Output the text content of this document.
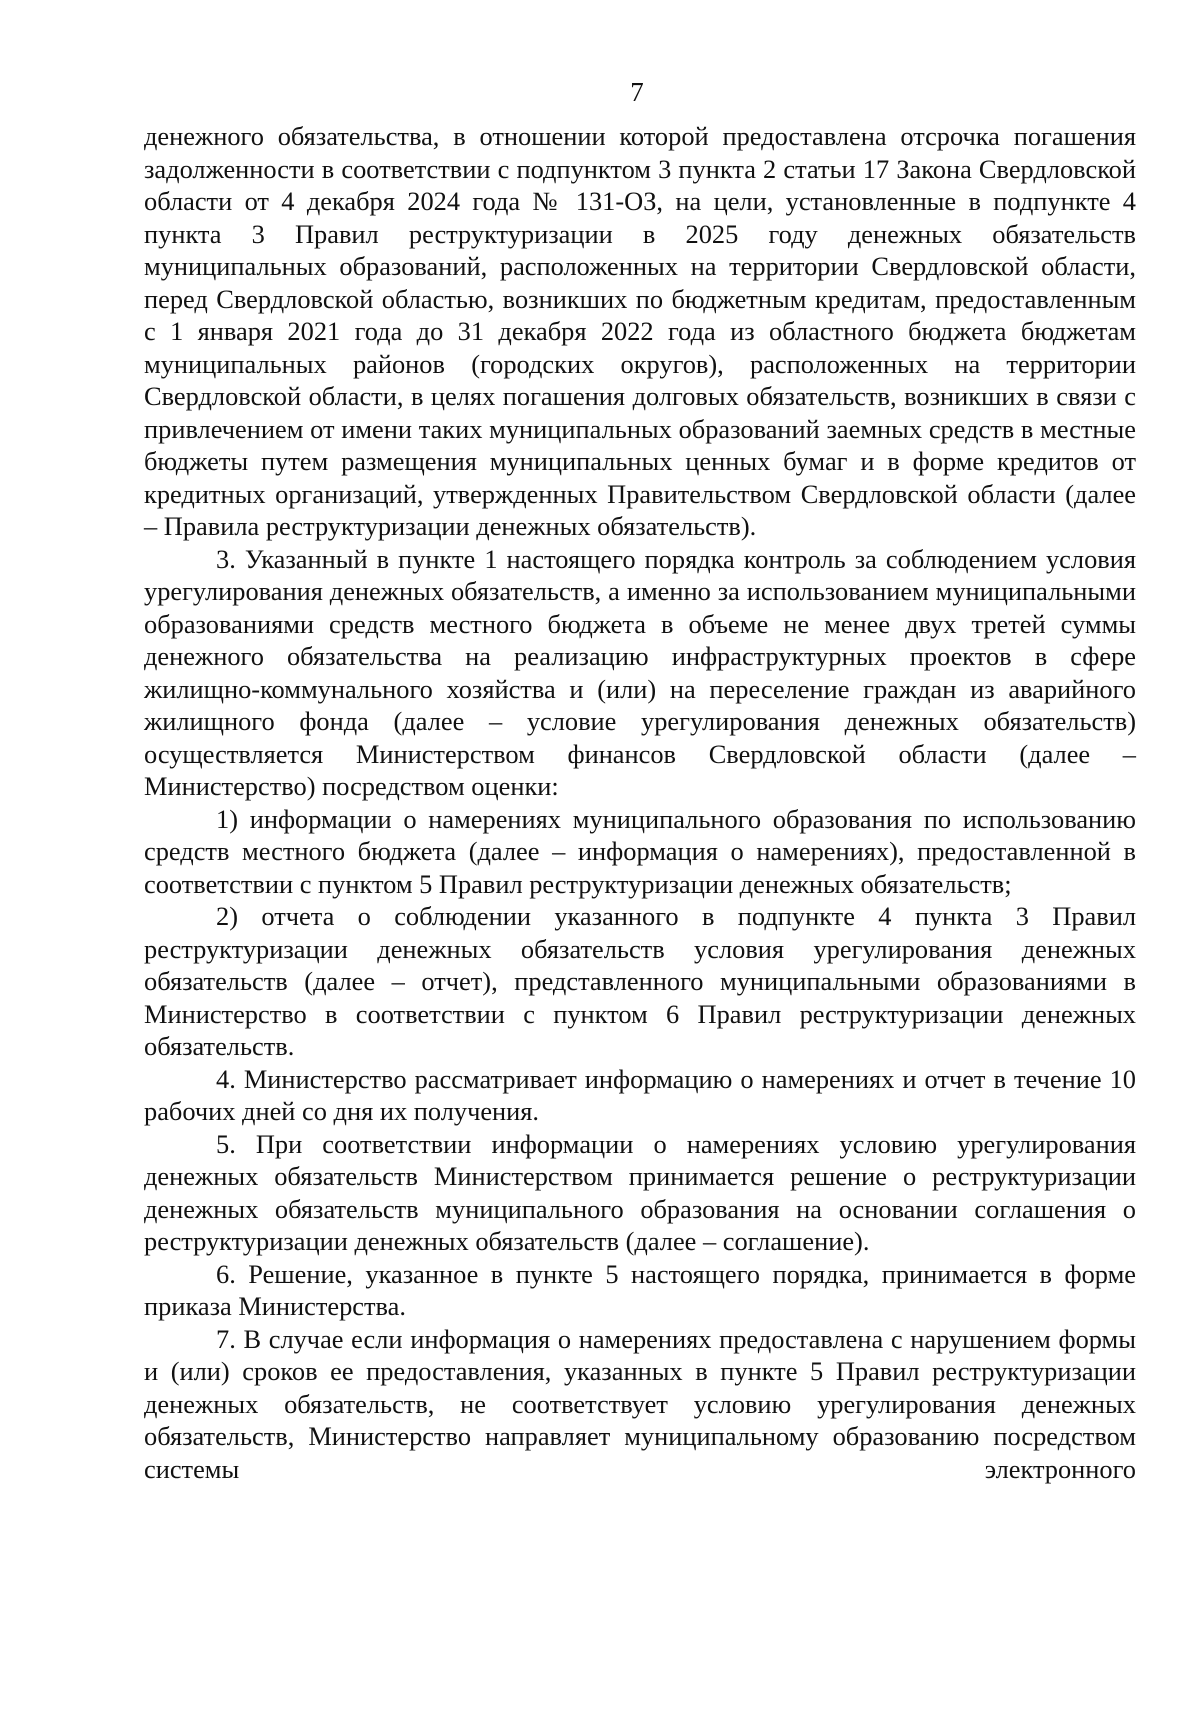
7

денежного обязательства, в отношении которой предоставлена отсрочка погашения задолженности в соответствии с подпунктом 3 пункта 2 статьи 17 Закона Свердловской области от 4 декабря 2024 года № 131-ОЗ, на цели, установленные в подпункте 4 пункта 3 Правил реструктуризации в 2025 году денежных обязательств муниципальных образований, расположенных на территории Свердловской области, перед Свердловской областью, возникших по бюджетным кредитам, предоставленным с 1 января 2021 года до 31 декабря 2022 года из областного бюджета бюджетам муниципальных районов (городских округов), расположенных на территории Свердловской области, в целях погашения долговых обязательств, возникших в связи с привлечением от имени таких муниципальных образований заемных средств в местные бюджеты путем размещения муниципальных ценных бумаг и в форме кредитов от кредитных организаций, утвержденных Правительством Свердловской области (далее – Правила реструктуризации денежных обязательств).

3. Указанный в пункте 1 настоящего порядка контроль за соблюдением условия урегулирования денежных обязательств, а именно за использованием муниципальными образованиями средств местного бюджета в объеме не менее двух третей суммы денежного обязательства на реализацию инфраструктурных проектов в сфере жилищно-коммунального хозяйства и (или) на переселение граждан из аварийного жилищного фонда (далее – условие урегулирования денежных обязательств) осуществляется Министерством финансов Свердловской области (далее – Министерство) посредством оценки:

1) информации о намерениях муниципального образования по использованию средств местного бюджета (далее – информация о намерениях), предоставленной в соответствии с пунктом 5 Правил реструктуризации денежных обязательств;

2) отчета о соблюдении указанного в подпункте 4 пункта 3 Правил реструктуризации денежных обязательств условия урегулирования денежных обязательств (далее – отчет), представленного муниципальными образованиями в Министерство в соответствии с пунктом 6 Правил реструктуризации денежных обязательств.

4. Министерство рассматривает информацию о намерениях и отчет в течение 10 рабочих дней со дня их получения.

5. При соответствии информации о намерениях условию урегулирования денежных обязательств Министерством принимается решение о реструктуризации денежных обязательств муниципального образования на основании соглашения о реструктуризации денежных обязательств (далее – соглашение).

6. Решение, указанное в пункте 5 настоящего порядка, принимается в форме приказа Министерства.

7. В случае если информация о намерениях предоставлена с нарушением формы и (или) сроков ее предоставления, указанных в пункте 5 Правил реструктуризации денежных обязательств, не соответствует условию урегулирования денежных обязательств, Министерство направляет муниципальному образованию посредством системы электронного
